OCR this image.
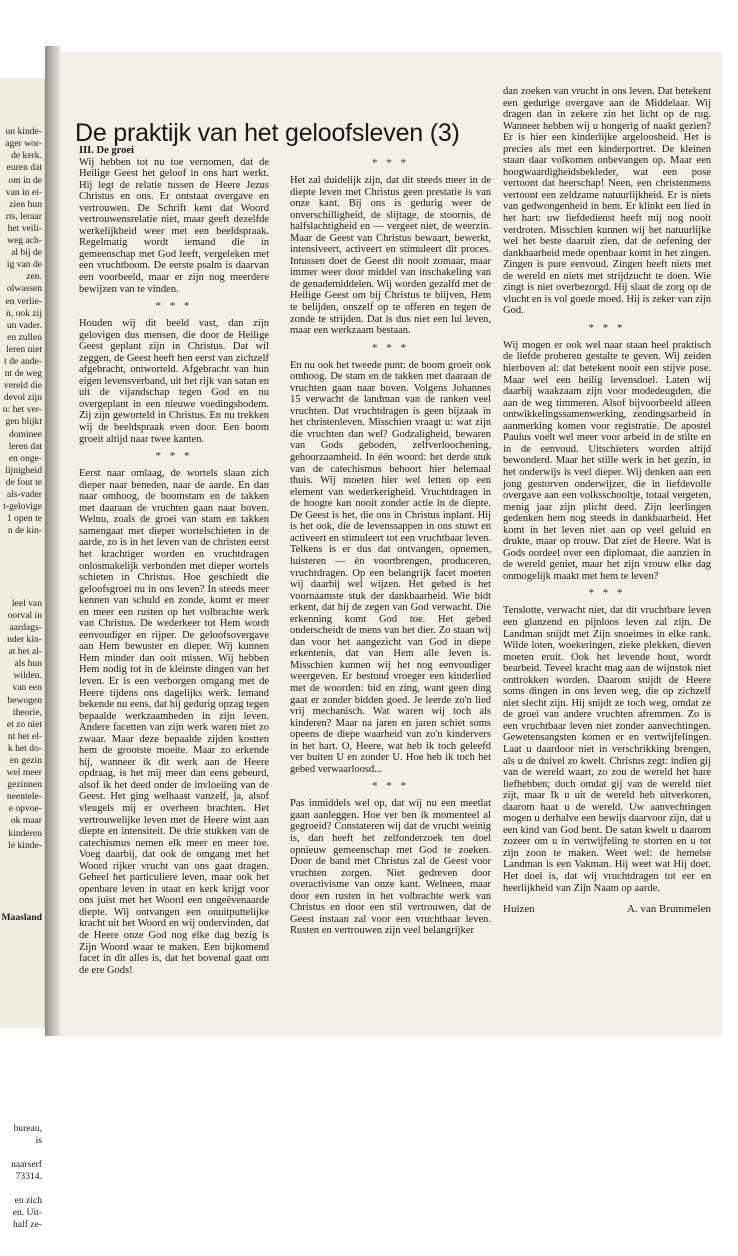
un kinde-
ager wor-
de kerk.
euren dat
om in de
van in ei-
zien hun
rts, leraar
het veili-
weg ach-
al bij de
ig van de
zen.
olwassen
en verlie-
n, ook zij
un vader.
en zullen
leren niet
t de ande-
nt de weg
vereld die
devol zijn
n: het ver-
gen blijkt
dominee
leren dat
en onge-
lijnigheid
de fout te
als-vader
t-gelovige
1 open te
n de kin-

leel van
oorval in
aardags-
nder kin-
at het al-
als hun
wilden.
van een
bewogen
theorie,
et zo niet
nt het el-
k het do-
en gezin
wel meer
gezinnen
neentele-
e opvoe-
ok maar
kinderen
le kinde-

Maasland

bureau,
is

naarserf
73314.

en zich
en. Uit-
half ze-

De praktijk van het geloofsleven (3)

III. De groei

Wij hebben tot nu toe vernomen, dat de Heilige Geest het geloof in ons hart werkt. Hij legt de relatie tussen de Heere Jezus Christus en ons. Er ontstaat overgave en vertrouwen. De Schrift kent dat Woord vertrouwensrelatie niet, maar geeft dezelfde werkelijkheid weer met een beeldspraak. Regelmatig wordt iemand die in gemeenschap met God leeft, vergeleken met een vruchtboom. De eerste psalm is daarvan een voorbeeld, maar er zijn nog meerdere bewijzen van te vinden.

* * *

Houden wij dit beeld vast, dan zijn gelovigen dus mensen, die door de Heilige Geest geplant zijn in Christus. Dat wil zeggen, de Geest heeft hen eerst van zichzelf afgebracht, ontworteld. Afgebracht van hun eigen levensverband, uit het rijk van satan en uit de vijandschap tegen God en nu overgeplant in een nieuwe voedingsbodem. Zij zijn geworteld in Christus. En nu trekken wij de beeldspraak even door. Een boom groeit altijd naar twee kanten.

* * *

Eerst naar omlaag, de wortels slaan zich dieper naar beneden, naar de aarde. En dan naar omhoog, de boomstam en de takken met daaraan de vruchten gaan naar boven. Welnu, zoals de groei van stam en takken samengaat met dieper wortelschieten in de aarde, zo is in het leven van de christen eerst het krachtiger worden en vruchtdragen onlosmakelijk verbonden met dieper wortels schieten in Christus. Hoe geschiedt die geloofsgroei nu in ons leven? In steeds meer kennen van schuld en zonde, komt er meer en meer een rusten op het volbrachte werk van Christus. De wederkeer tot Hem wordt eenvoudiger en rijper. De geloofsovergave aan Hem bewuster en dieper. Wij kunnen Hem minder dan ooit missen. Wij hebben Hem nodig tot in de kleinste dingen van het leven. Er is een verborgen omgang met de Heere tijdens ons dagelijks werk. Iemand bekende nu eens, dat hij gedurig opzag tegen bepaalde werkzaamheden in zijn leven. Andere facetten van zijn werk waren niet zo zwaar. Maar deze bepaalde zijden kostten hem de grootste moeite. Maar zo erkende hij, wanneer ik dit werk aan de Heere opdraag, is het mij meer dan eens gebeurd, alsof ik het deed onder de invloeiing van de Geest. Het ging welhaast vanzelf, ja, alsof vleugels mij er overheen brachten. Het vertrouwelijke leven met de Heere wint aan diepte en intensiteit. De drie stukken van de catechismus nemen elk meer en meer toe. Voeg daarbij, dat ook de omgang met het Woord rijker vrucht van ons gaat dragen. Geheel het particuliere leven, maar ook het openbare leven in staat en kerk krijgt voor ons juist met het Woord een ongeëvenaarde diepte. Wij ontvangen een onuitputtelijke kracht uit het Woord en wij ondervinden, dat de Heere onze God nog elke dag bezig is Zijn Woord waar te maken. Een bijkomend facet in dit alles is, dat het bovenal gaat om de ere Gods!

* * *

Het zal duidelijk zijn, dat dit steeds meer in de diepte leven met Christus geen prestatie is van onze kant. Bij ons is gedurig weer de onverschilligheid, de slijtage, de stoornis, de halfslachtigheid en — vergeet niet, de weerzin. Maar de Geest van Christus bewaart, bewerkt, intensiveert, activeert en stimuleert dit proces. Intussen doet de Geest dit nooit zomaar, maar immer weer door middel van inschakeling van de genademiddelen. Wij worden gezalfd met de Heilige Geest om bij Christus te blijven, Hem te belijden, onszelf op te offeren en tegen de zonde te strijden. Dat is dus niet een lui leven, maar een werkzaam bestaan.

* * *

En nu ook het tweede punt: de boom groeit ook omhoog. De stam en de takken met daaraan de vruchten gaan naar boven. Volgens Johannes 15 verwacht de landman van de ranken veel vruchten. Dat vruchtdragen is geen bijzaak in het christenleven. Misschien vraagt u: wat zijn die vruchten dan wel? Godzaligheid, bewaren van Gods geboden, zelfverloochening, gehoorzaamheid. In één woord: het derde stuk van de catechismus behoort hier helemaal thuis. Wij moeten hier wel letten op een element van wederkerigheid. Vruchtdragen in de hoogte kan nooit zonder actie in de diepte. De Geest is het, die ons in Christus inplant. Hij is het ook, die de levenssappen in ons stuwt en activeert en stimuleert tot een vruchtbaar leven. Telkens is er dus dat ontvangen, opnemen, luisteren — èn voortbrengen, produceren, vruchtdragen. Op een belangrijk facet moeten wij daarbij wel wijzen. Het gebed is het voornaamste stuk der dankbaarheid. Wie bidt erkent, dat hij de zegen van God verwacht. Die erkenning komt God toe. Het gebed onderscheidt de mens van het dier. Zo staan wij dan voor het aangezicht van God in diepe erkentenis, dat van Hem alle leven is. Misschien kunnen wij het nog eenvoudiger weergeven. Er bestond vroeger een kinderlied met de woorden: bid en zing, want geen ding gaat er zonder bidden goed. Je leerde zo'n lied vrij mechanisch. Wat waren wij toch als kinderen? Maar na jaren en jaren schiet soms opeens de diepe waarheid van zo'n kindervers in het hart. O, Heere, wat heb ik toch geleefd ver buiten U en zonder U. Hoe heb ik toch het gebed verwaarloosd...

* * *

Pas inmiddels wel op, dat wij nu een meetlat gaan aanleggen. Hoe ver ben ik momenteel al gegroeid? Constateren wij dat de vrucht weinig is, dan heeft het zelfonderzoek ten doel opnieuw gemeenschap met God te zoeken. Door de band met Christus zal de Geest voor vruchten zorgen. Niet gedreven door overactivisme van onze kant. Welneen, maar door een rusten in het volbrachte werk van Christus en door een stil vertrouwen, dat de Geest instaan zal voor een vruchtbaar leven. Rusten en vertrouwen zijn veel belangrijker

dan zoeken van vrucht in ons leven. Dat betekent een gedurige overgave aan de Middelaar. Wij dragen dan in zekere zin het licht op de rug. Wanneer hebben wij u hongerig of naakt gezien? Er is hier een kinderlijke argeloosheid. Het is precies als met een kinderportret. De kleinen staan daar volkomen onbevangen op. Maar een hoogwaardigheidsbekleder, wat een pose vertoont dat heerschap! Neen, een christenmens vertoont een zeldzame natuurlijkheid. Er is niets van gedwongenheid in hem. Er klinkt een lied in het hart: uw liefdedienst heeft mij nog nooit verdroten. Misschien kunnen wij het natuurlijke wel het beste daaruit zien, dat de oefening der dankbaarheid mede openbaar komt in het zingen. Zingen is pure eenvoud. Zingen heeft niets met de wereld en niets met strijdzucht te doen. Wie zingt is niet overbezorgd. Hij slaat de zorg op de vlucht en is vol goede moed. Hij is zeker van zijn God.

* * *

Wij mogen er ook wel naar staan heel praktisch de liefde proberen gestalte te geven. Wij zeiden hierboven al: dat betekent nooit een stijve pose. Maar wel een heilig levensdoel. Laten wij daarbij waakzaam zijn voor modedeugden, die aan de weg timmeren. Alsof bijvoorbeeld alleen ontwikkelingssamenwerking, zendingsarbeid in aanmerking komen voor registratie. De apostel Paulus voelt wel meer voor arbeid in de stilte en in de eenvoud. Uitschieters worden altijd bewonderd. Maar het stille werk in het gezin, in het onderwijs is veel dieper. Wij denken aan een jong gestorven onderwijzer, die in liefdevolle overgave aan een volksschooltje, totaal vergeten, menig jaar zijn plicht deed. Zijn leerlingen gedenken hem nog steeds in dankbaarheid. Het komt in het leven niet aan op veel geluid en drukte, maar op trouw. Dat ziet de Heere. Wat is Gods oordeel over een diplomaat, die aanzien in de wereld geniet, maar het zijn vrouw elke dag onmogelijk maakt met hem te leven?

* * *

Tenslotte, verwacht niet, dat dit vruchtbare leven een glanzend en pijnloos leven zal zijn. De Landman snijdt met Zijn snoeimes in elke rank. Wilde loten, woekeringen, zieke plekken, dieven moeten eruit. Ook het levende hout, wordt bearbeid. Teveel kracht mag aan de wijnstok niet onttrokken worden. Daarom snijdt de Heere soms dingen in ons leven weg, die op zichzelf niet slecht zijn. Hij snijdt ze toch weg, omdat ze de groei van andere vruchten afremmen. Zo is een vruchtbaar leven niet zonder aanvechtingen. Gewetensangsten komen er en vertwijfelingen. Laat u daardoor niet in verschrikking brengen, als u de duivel zo kwelt. Christus zegt: indien gij van de wereld waart, zo zou de wereld het hare liefhebben; doch omdat gij van de wereld niet zijt, maar Ik u uit de wereld heb uitverkoren, daarom haat u de wereld. Uw aanvechtingen mogen u derhalve een bewijs daarvoor zijn, dat u een kind van God bent. De satan kwelt u daarom zozeer om u in vertwijfeling te storten en u tot zijn zoon te maken. Weet wel: de hemelse Landman is een Vakman. Hij weet wat Hij doet. Het doel is, dat wij vruchtdragen tot eer en heerlijkheid van Zijn Naam op aarde.

Huizen	A. van Brummelen
